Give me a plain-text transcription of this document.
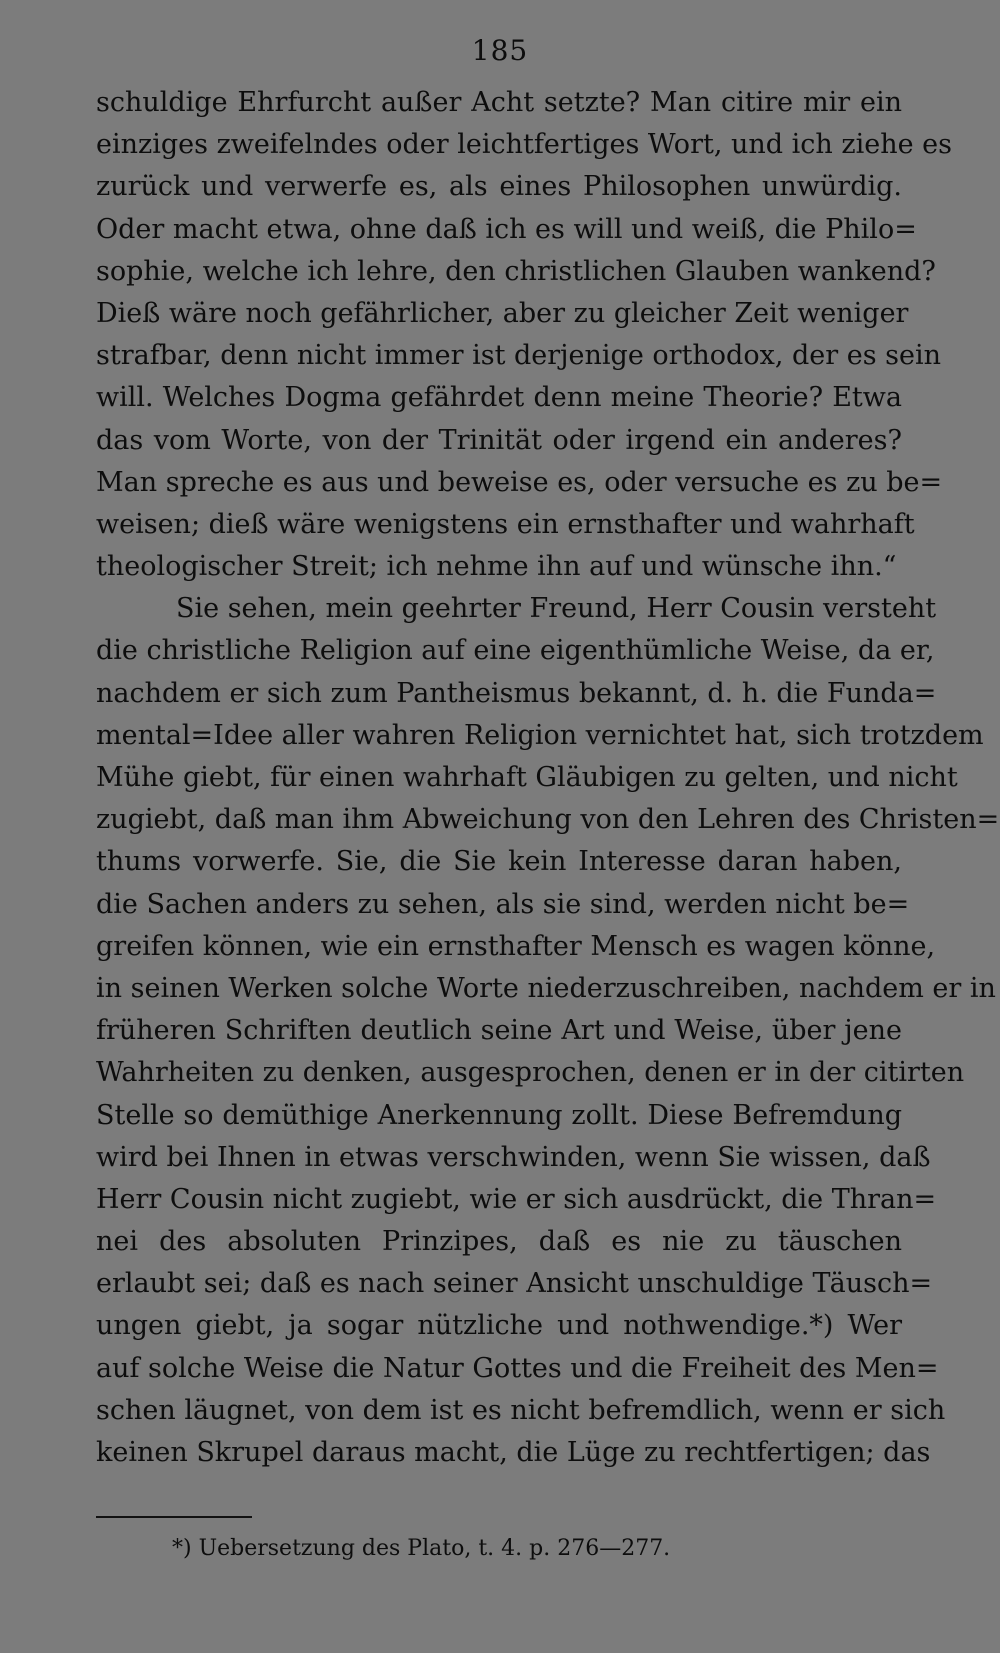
185
schuldige Ehrfurcht außer Acht setzte? Man citire mir ein
einziges zweifelndes oder leichtfertiges Wort, und ich ziehe es
zurück und verwerfe es, als eines Philosophen unwürdig.
Oder macht etwa, ohne daß ich es will und weiß, die Philo=
sophie, welche ich lehre, den christlichen Glauben wankend?
Dieß wäre noch gefährlicher, aber zu gleicher Zeit weniger
strafbar, denn nicht immer ist derjenige orthodox, der es sein
will. Welches Dogma gefährdet denn meine Theorie? Etwa
das vom Worte, von der Trinität oder irgend ein anderes?
Man spreche es aus und beweise es, oder versuche es zu be=
weisen; dieß wäre wenigstens ein ernsthafter und wahrhaft
theologischer Streit; ich nehme ihn auf und wünsche ihn.“
Sie sehen, mein geehrter Freund, Herr Cousin versteht
die christliche Religion auf eine eigenthümliche Weise, da er,
nachdem er sich zum Pantheismus bekannt, d. h. die Funda=
mental=Idee aller wahren Religion vernichtet hat, sich trotzdem
Mühe giebt, für einen wahrhaft Gläubigen zu gelten, und nicht
zugiebt, daß man ihm Abweichung von den Lehren des Christen=
thums vorwerfe. Sie, die Sie kein Interesse daran haben,
die Sachen anders zu sehen, als sie sind, werden nicht be=
greifen können, wie ein ernsthafter Mensch es wagen könne,
in seinen Werken solche Worte niederzuschreiben, nachdem er in
früheren Schriften deutlich seine Art und Weise, über jene
Wahrheiten zu denken, ausgesprochen, denen er in der citirten
Stelle so demüthige Anerkennung zollt. Diese Befremdung
wird bei Ihnen in etwas verschwinden, wenn Sie wissen, daß
Herr Cousin nicht zugiebt, wie er sich ausdrückt, die Thran=
nei des absoluten Prinzipes, daß es nie zu täuschen
erlaubt sei; daß es nach seiner Ansicht unschuldige Täusch=
ungen giebt, ja sogar nützliche und nothwendige.*) Wer
auf solche Weise die Natur Gottes und die Freiheit des Men=
schen läugnet, von dem ist es nicht befremdlich, wenn er sich
keinen Skrupel daraus macht, die Lüge zu rechtfertigen; das
*) Uebersetzung des Plato, t. 4. p. 276—277.
